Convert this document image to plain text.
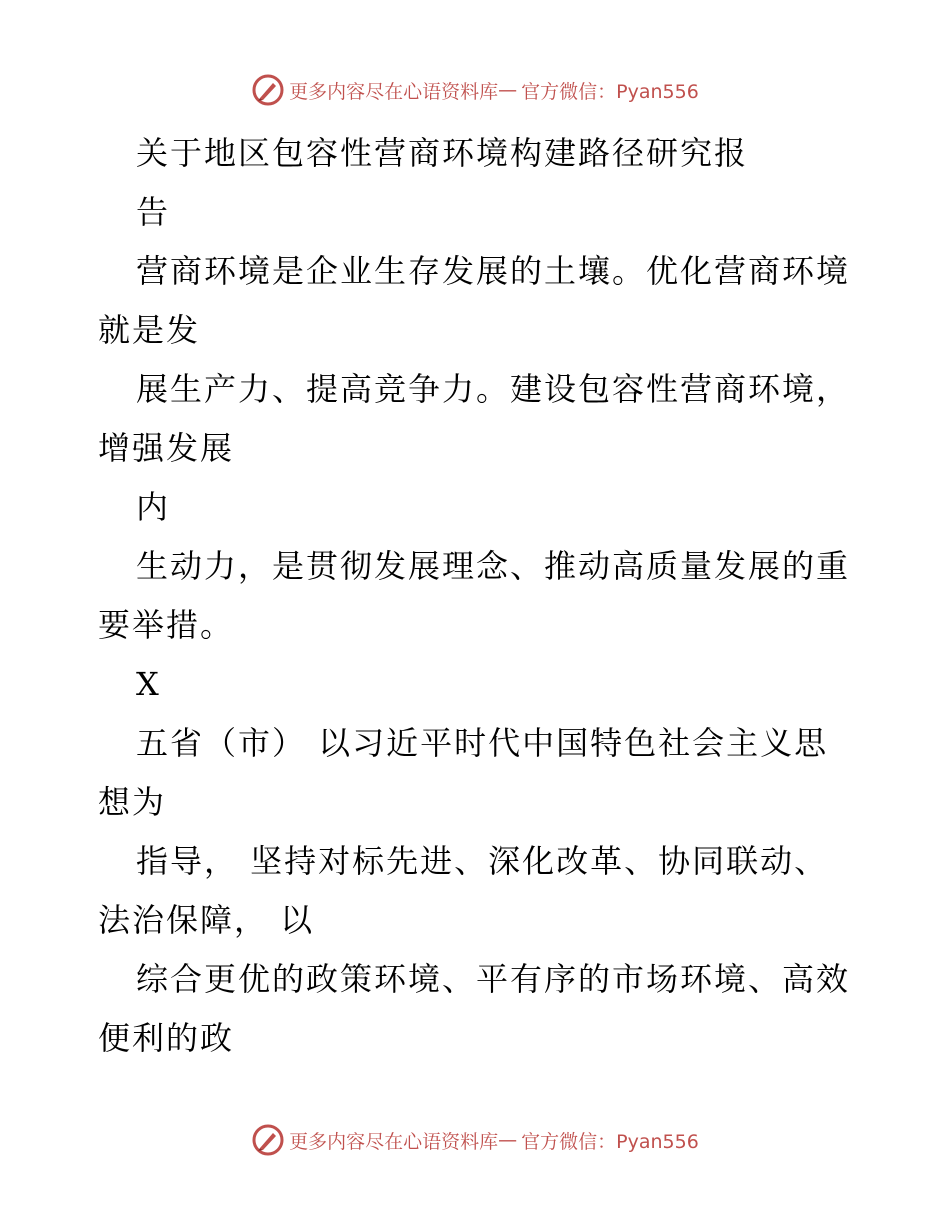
更多内容尽在心语资料库 — 官方微信：Pyan556
关于地区包容性营商环境构建路径研究报
告
营商环境是企业生存发展的土壤。优化营商环境
就是发
展生产力、提高竞争力。建设包容性营商环境，
增强发展
内
生动力，是贯彻发展理念、推动高质量发展的重
要举措。
X
五省（市） 以习近平时代中国特色社会主义思
想为
指导， 坚持对标先进、深化改革、协同联动、
法治保障， 以
综合更优的政策环境、平有序的市场环境、高效
便利的政
更多内容尽在心语资料库 — 官方微信：Pyan556
